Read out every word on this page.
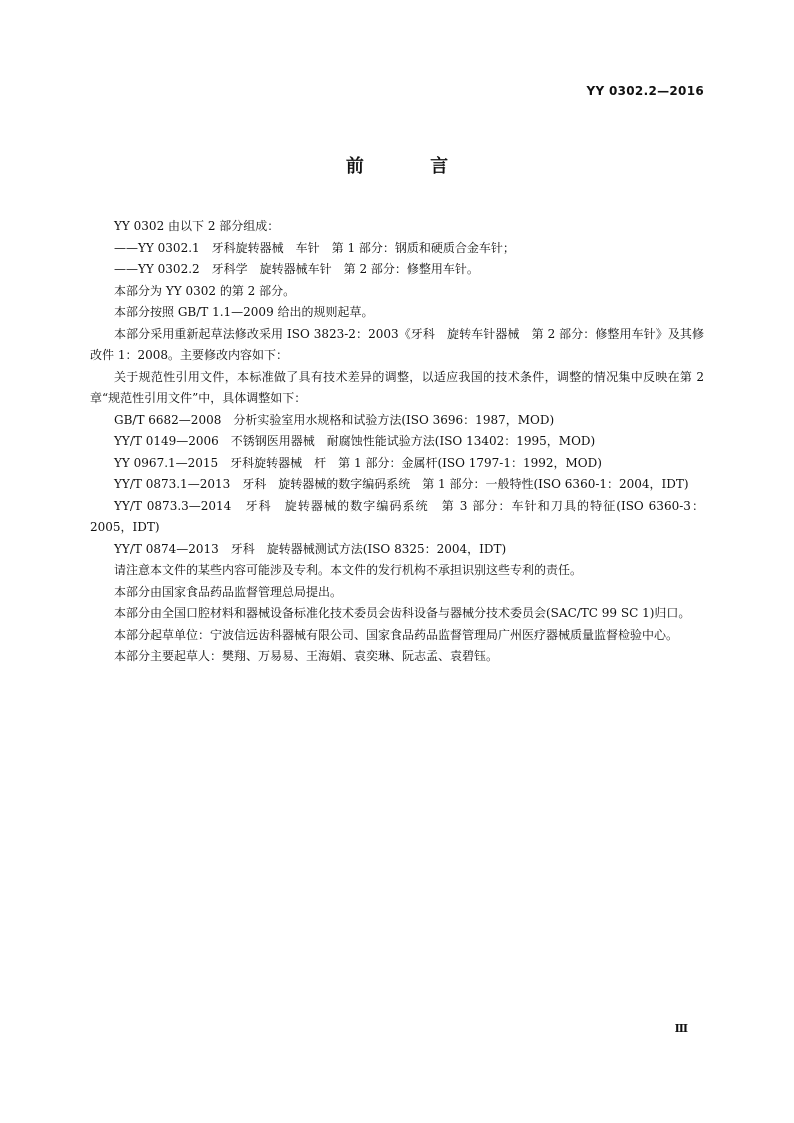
YY 0302.2—2016
前 言

YY 0302 由以下 2 部分组成：

——YY 0302.1　牙科旋转器械　车针　第 1 部分：钢质和硬质合金车针；

——YY 0302.2　牙科学　旋转器械车针　第 2 部分：修整用车针。

本部分为 YY 0302 的第 2 部分。

本部分按照 GB/T 1.1—2009 给出的规则起草。

本部分采用重新起草法修改采用 ISO 3823-2：2003《牙科　旋转车针器械　第 2 部分：修整用车针》及其修改件 1：2008。主要修改内容如下：

关于规范性引用文件，本标准做了具有技术差异的调整，以适应我国的技术条件，调整的情况集中反映在第 2 章“规范性引用文件”中，具体调整如下：

GB/T 6682—2008　分析实验室用水规格和试验方法(ISO 3696：1987，MOD)

YY/T 0149—2006　不锈钢医用器械　耐腐蚀性能试验方法(ISO 13402：1995，MOD)

YY 0967.1—2015　牙科旋转器械　杆　第 1 部分：金属杆(ISO 1797-1：1992，MOD)

YY/T 0873.1—2013　牙科　旋转器械的数字编码系统　第 1 部分：一般特性(ISO 6360-1：2004，IDT)

YY/T 0873.3—2014　牙科　旋转器械的数字编码系统　第 3 部分：车针和刀具的特征(ISO 6360-3：2005，IDT)

YY/T 0874—2013　牙科　旋转器械测试方法(ISO 8325：2004，IDT)

请注意本文件的某些内容可能涉及专利。本文件的发行机构不承担识别这些专利的责任。

本部分由国家食品药品监督管理总局提出。

本部分由全国口腔材料和器械设备标准化技术委员会齿科设备与器械分技术委员会(SAC/TC 99 SC 1)归口。

本部分起草单位：宁波信远齿科器械有限公司、国家食品药品监督管理局广州医疗器械质量监督检验中心。

本部分主要起草人：樊翔、万易易、王海娟、袁奕琳、阮志孟、袁碧钰。

Ⅲ
